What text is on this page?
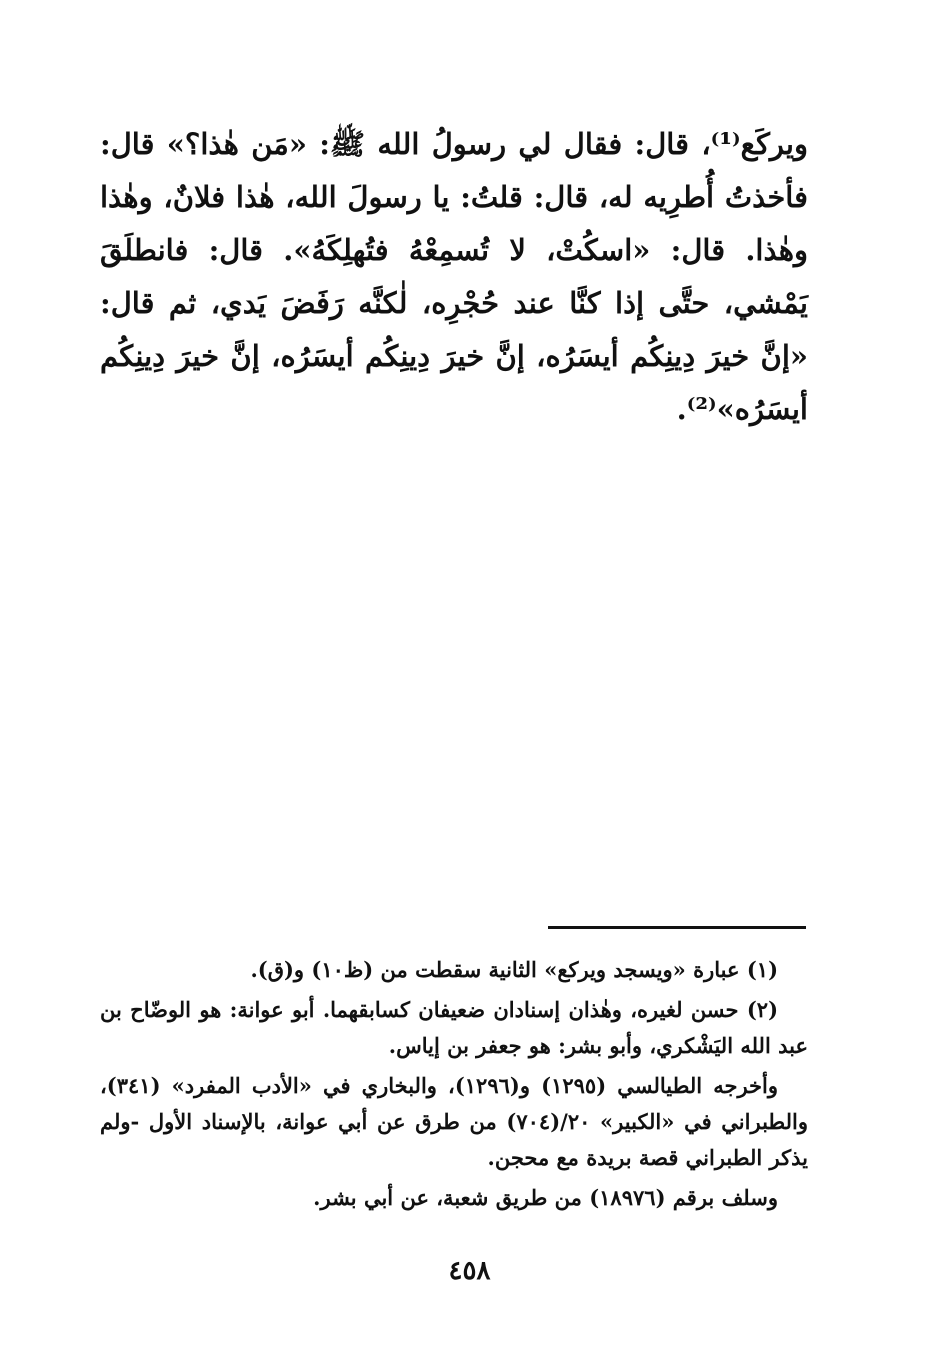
ويركَع⁽¹⁾، قال: فقال لي رسولُ الله ﷺ: «مَن هٰذا؟» قال: فأخذتُ أُطرِيه له، قال: قلتُ: يا رسولَ الله، هٰذا فلانٌ، وهٰذا وهٰذا. قال: «اسكُتْ، لا تُسمِعْهُ فتُهلِكَهُ». قال: فانطلَقَ يَمْشي، حتَّى إذا كنَّا عند حُجْرِه، لٰكنَّه رَفَضَ يَدي، ثم قال: «إنَّ خيرَ دِينِكُم أيسَرُه، إنَّ خيرَ دِينِكُم أيسَرُه، إنَّ خيرَ دِينِكُم أيسَرُه»⁽²⁾.

(١) عبارة «ويسجد ويركع» الثانية سقطت من (ظ١٠) و(ق).

(٢) حسن لغيره، وهٰذان إسنادان ضعيفان كسابقهما. أبو عوانة: هو الوضّاح بن عبد الله اليَشْكري، وأبو بشر: هو جعفر بن إياس.

وأخرجه الطيالسي (١٢٩٥) و(١٢٩٦)، والبخاري في «الأدب المفرد» (٣٤١)، والطبراني في «الكبير» ٢٠/(٧٠٤) من طرق عن أبي عوانة، بالإسناد الأول -ولم يذكر الطبراني قصة بريدة مع محجن.

وسلف برقم (١٨٩٧٦) من طريق شعبة، عن أبي بشر.

٤٥٨
